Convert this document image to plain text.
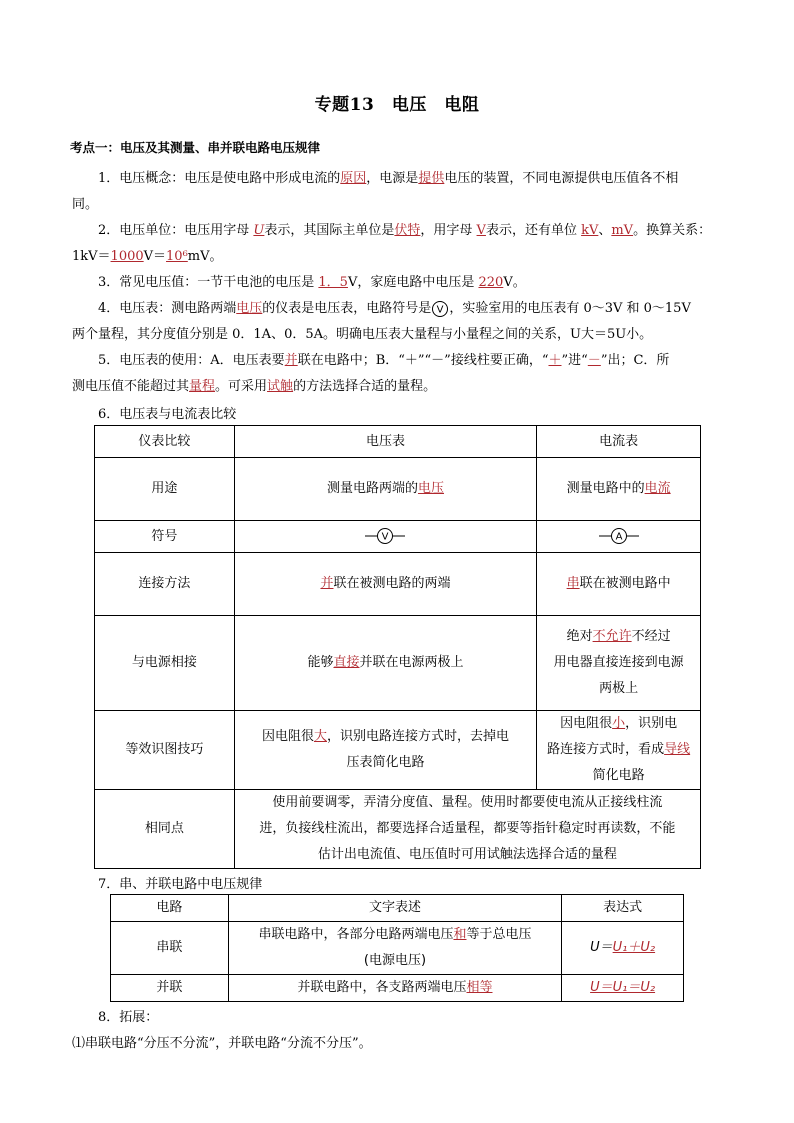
专题13　电压　电阻
考点一：电压及其测量、串并联电路电压规律
1．电压概念：电压是使电路中形成电流的原因，电源是提供电压的装置，不同电源提供电压值各不相
同。
2．电压单位：电压用字母 U表示，其国际主单位是伏特，用字母 V表示，还有单位 kV、mV。换算关系：
1kV＝1000V＝10⁶mV。
3．常见电压值：一节干电池的电压是 1．5V，家庭电路中电压是 220V。
4．电压表：测电路两端电压的仪表是电压表，电路符号是 V ，实验室用的电压表有 0～3V 和 0～15V
两个量程，其分度值分别是 0．1A、0．5A。明确电压表大量程与小量程之间的关系，U大＝5U小。
5．电压表的使用：A．电压表要并联在电路中；B．“＋”“－”接线柱要正确，“＋”进“－”出；C．所
测电压值不能超过其量程。可采用试触的方法选择合适的量程。
6．电压表与电流表比较
仪表比较	电压表	电流表
用途	测量电路两端的电压	测量电路中的电流
符号	V	A

连接方法	并联在被测电路的两端	串联在被测电路中
与电源相接	能够直接并联在电源两极上	绝对不允许不经过
用电器直接连接到电源
两极上
等效识图技巧	因电阻很大，识别电路连接方式时，去掉电
压表简化电路	因电阻很小，识别电
路连接方式时，看成导线
简化电路
相同点	使用前要调零，弄清分度值、量程。使用时都要使电流从正接线柱流
进，负接线柱流出，都要选择合适量程，都要等指针稳定时再读数，不能
估计出电流值、电压值时可用试触法选择合适的量程	
7．串、并联电路中电压规律
电路	文字表述	表达式
串联	串联电路中，各部分电路两端电压和等于总电压
(电源电压)	U＝U₁＋U₂
并联	并联电路中，各支路两端电压相等	U＝U₁＝U₂
8．拓展：
⑴串联电路“分压不分流”，并联电路“分流不分压”。
